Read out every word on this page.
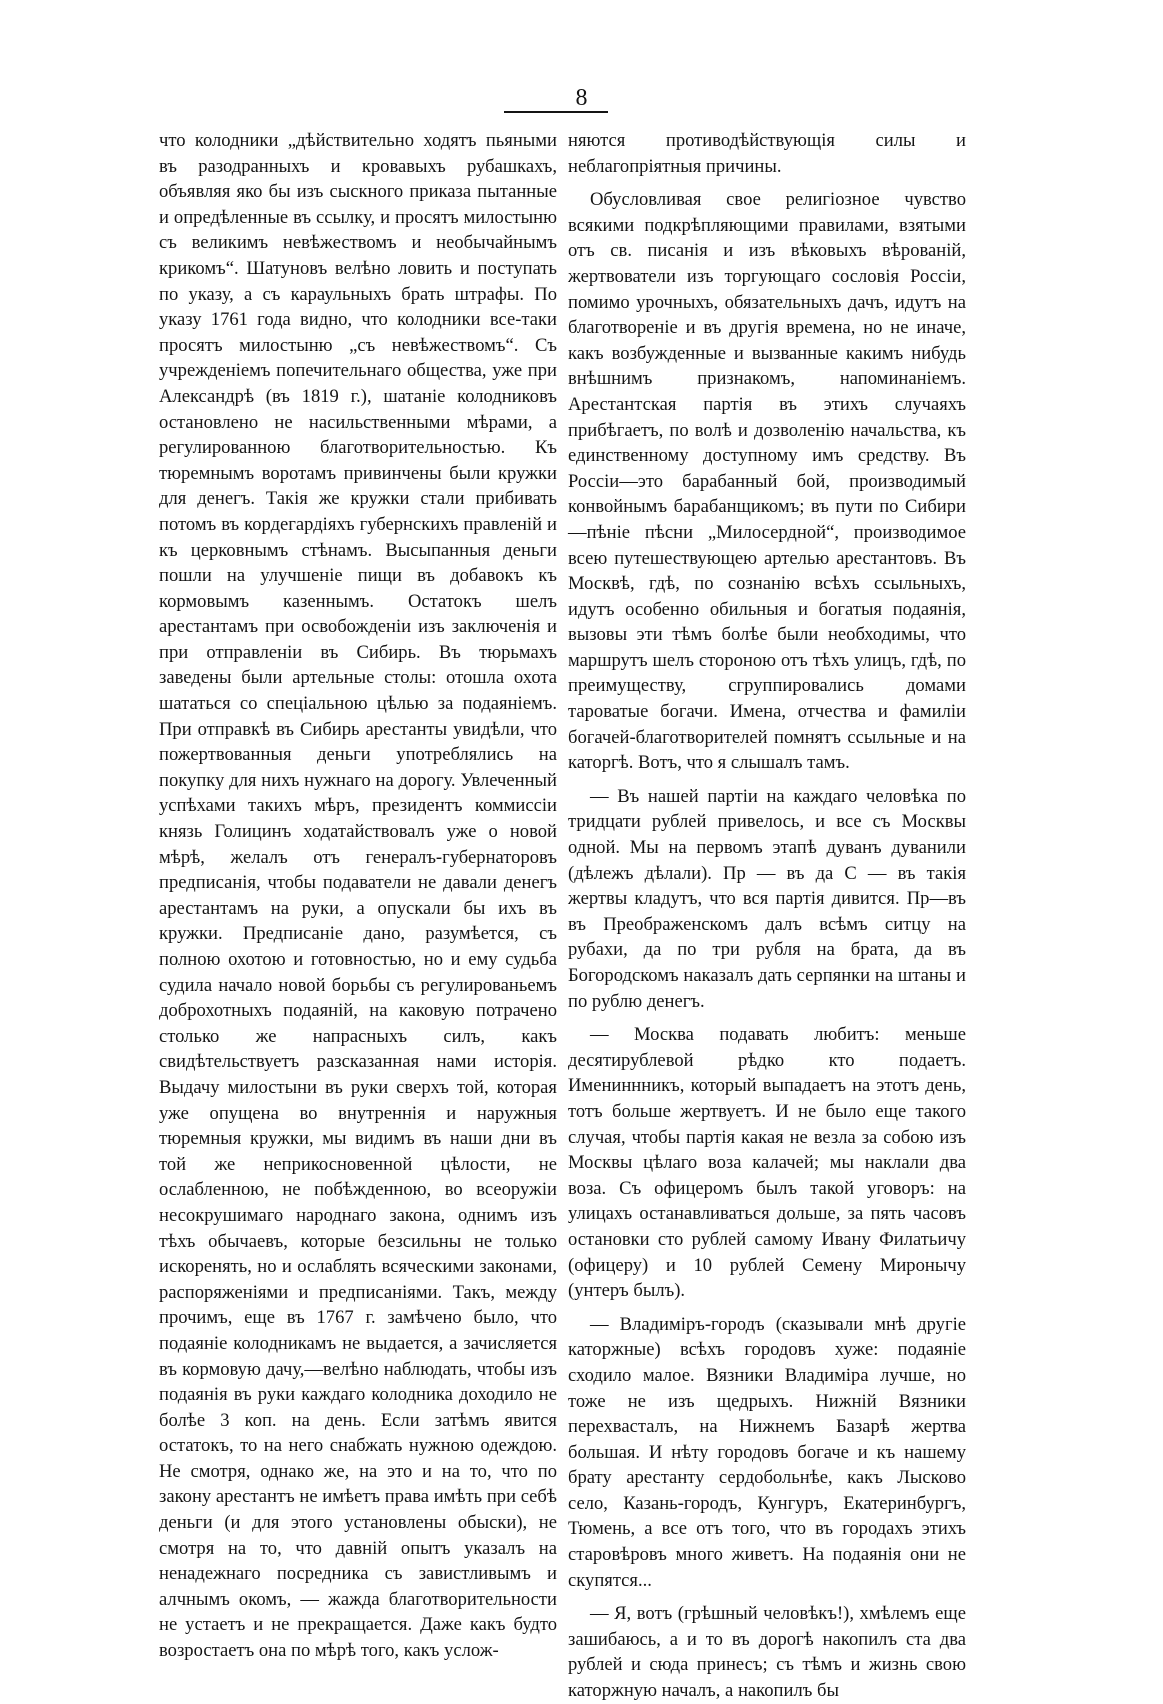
8

что колодники „дѣйствительно ходятъ пьяными въ разодранныхъ и кровавыхъ рубашкахъ, объявляя яко бы изъ сыскного приказа пытанные и опредѣленные въ ссылку, и просятъ милостыню съ великимъ невѣжествомъ и необычайнымъ крикомъ“. Шатуновъ велѣно ловить и поступать по указу, а съ караульныхъ брать штрафы. По указу 1761 года видно, что колодники все-таки просятъ милостыню „съ невѣжествомъ“. Съ учрежденіемъ попечительнаго общества, уже при Александрѣ (въ 1819 г.), шатаніе колодниковъ остановлено не насильственными мѣрами, а регулированною благотворительностью. Къ тюремнымъ воротамъ привинчены были кружки для денегъ. Такія же кружки стали прибивать потомъ въ кордегардіяхъ губернскихъ правленій и къ церковнымъ стѣнамъ. Высыпанныя деньги пошли на улучшеніе пищи въ добавокъ къ кормовымъ казеннымъ. Остатокъ шелъ арестантамъ при освобожденіи изъ заключенія и при отправленіи въ Сибирь. Въ тюрьмахъ заведены были артельные столы: отошла охота шататься со спеціальною цѣлью за подаяніемъ. При отправкѣ въ Сибирь арестанты увидѣли, что пожертвованныя деньги употреблялись на покупку для нихъ нужнаго на дорогу. Увлеченный успѣхами такихъ мѣръ, президентъ коммиссіи князь Голицинъ ходатайствовалъ уже о новой мѣрѣ, желалъ отъ генералъ-губернаторовъ предписанія, чтобы подаватели не давали денегъ арестантамъ на руки, а опускали бы ихъ въ кружки. Предписаніе дано, разумѣется, съ полною охотою и готовностью, но и ему судьба судила начало новой борьбы съ регулированьемъ доброхотныхъ подаяній, на каковую потрачено столько же напрасныхъ силъ, какъ свидѣтельствуетъ разсказанная нами исторія. Выдачу милостыни въ руки сверхъ той, которая уже опущена во внутреннія и наружныя тюремныя кружки, мы видимъ въ наши дни въ той же неприкосновенной цѣлости, не ослабленною, не побѣжденною, во всеоружіи несокрушимаго народнаго закона, однимъ изъ тѣхъ обычаевъ, которые безсильны не только искоренять, но и ослаблять всяческими законами, распоряженіями и предписаніями. Такъ, между прочимъ, еще въ 1767 г. замѣчено было, что подаяніе колодникамъ не выдается, а зачисляется въ кормовую дачу,—велѣно наблюдать, чтобы изъ подаянія въ руки каждаго колодника доходило не болѣе 3 коп. на день. Если затѣмъ явится остатокъ, то на него снабжать нужною одеждою. Не смотря, однако же, на это и на то, что по закону арестантъ не имѣетъ права имѣть при себѣ деньги (и для этого установлены обыски), не смотря на то, что давній опытъ указалъ на ненадежнаго посредника съ завистливымъ и алчнымъ окомъ, — жажда благотворительности не устаетъ и не прекращается. Даже какъ будто возростаетъ она по мѣрѣ того, какъ услож-

няются противодѣйствующія силы и неблагопріятныя причины.

Обусловливая свое религіозное чувство всякими подкрѣпляющими правилами, взятыми отъ св. писанія и изъ вѣковыхъ вѣрованій, жертвователи изъ торгующаго сословія Россіи, помимо урочныхъ, обязательныхъ дачъ, идутъ на благотвореніе и въ другія времена, но не иначе, какъ возбужденные и вызванные какимъ нибудь внѣшнимъ признакомъ, напоминаніемъ. Арестантская партія въ этихъ случаяхъ прибѣгаетъ, по волѣ и дозволенію начальства, къ единственному доступному имъ средству. Въ Россіи—это барабанный бой, производимый конвойнымъ барабанщикомъ; въ пути по Сибири—пѣніе пѣсни „Милосердной“, производимое всею путешествующею артелью арестантовъ. Въ Москвѣ, гдѣ, по сознанію всѣхъ ссыльныхъ, идутъ особенно обильныя и богатыя подаянія, вызовы эти тѣмъ болѣе были необходимы, что маршрутъ шелъ стороною отъ тѣхъ улицъ, гдѣ, по преимуществу, сгруппировались домами тароватые богачи. Имена, отчества и фамиліи богачей-благотворителей помнятъ ссыльные и на каторгѣ. Вотъ, что я слышалъ тамъ.

— Въ нашей партіи на каждаго человѣка по тридцати рублей привелось, и все съ Москвы одной. Мы на первомъ этапѣ дуванъ дуванили (дѣлежъ дѣлали). Пр — въ да С — въ такія жертвы кладутъ, что вся партія дивится. Пр—въ въ Преображенскомъ далъ всѣмъ ситцу на рубахи, да по три рубля на брата, да въ Богородскомъ наказалъ дать серпянки на штаны и по рублю денегъ.

— Москва подавать любитъ: меньше десятирублевой рѣдко кто подаетъ. Имениннникъ, который выпадаетъ на этотъ день, тотъ больше жертвуетъ. И не было еще такого случая, чтобы партія какая не везла за собою изъ Москвы цѣлаго воза калачей; мы наклали два воза. Съ офицеромъ былъ такой уговоръ: на улицахъ останавливаться дольше, за пять часовъ остановки сто рублей самому Ивану Филатьичу (офицеру) и 10 рублей Семену Миронычу (унтеръ былъ).

— Владиміръ-городъ (сказывали мнѣ другіе каторжные) всѣхъ городовъ хуже: подаяніе сходило малое. Вязники Владиміра лучше, но тоже не изъ щедрыхъ. Нижній Вязники перехвасталъ, на Нижнемъ Базарѣ жертва большая. И нѣту городовъ богаче и къ нашему брату арестанту сердобольнѣе, какъ Лысково село, Казань-городъ, Кунгуръ, Екатеринбургъ, Тюмень, а все отъ того, что въ городахъ этихъ старовѣровъ много живетъ. На подаянія они не скупятся...

— Я, вотъ (грѣшный человѣкъ!), хмѣлемъ еще зашибаюсь, а и то въ дорогѣ накопилъ ста два рублей и сюда принесъ; съ тѣмъ и жизнь свою каторжную началъ, а накопилъ бы
